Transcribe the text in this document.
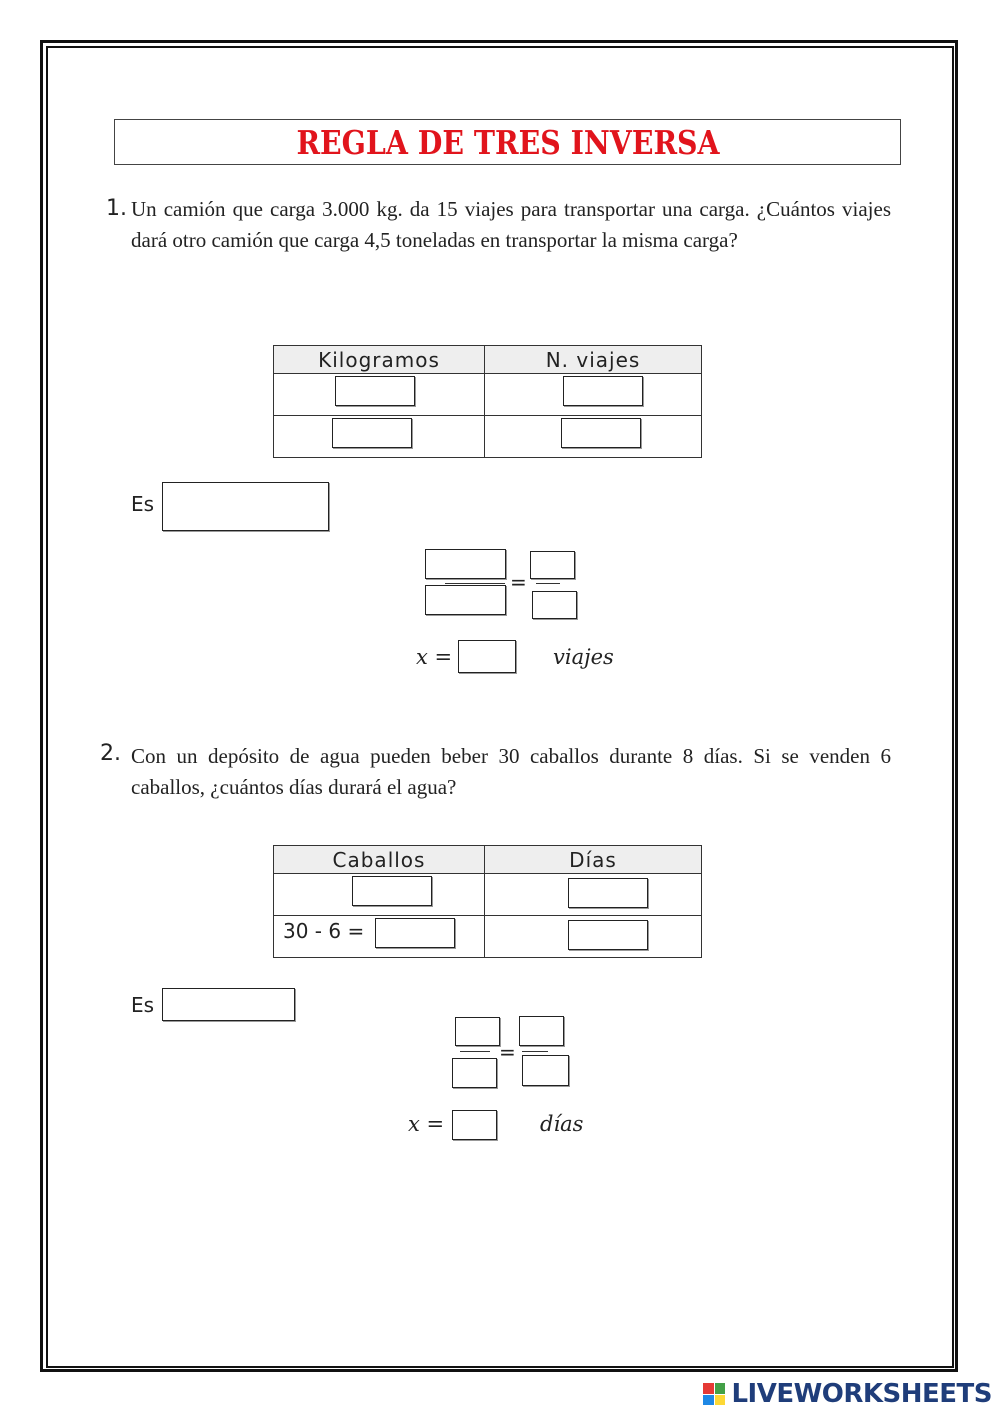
REGLA DE TRES INVERSA
1. Un camión que carga 3.000 kg. da 15 viajes para transportar una carga. ¿Cuántos viajes dará otro camión que carga 4,5 toneladas en transportar la misma carga?
Kilogramos	N. viajes

Es
=
x =	viajes
2. Con un depósito de agua pueden beber 30 caballos durante 8 días. Si se venden 6 caballos, ¿cuántos días durará el agua?
Caballos	Días

30 - 6 =	

Es
=
x =	días
LIVEWORKSHEETS
